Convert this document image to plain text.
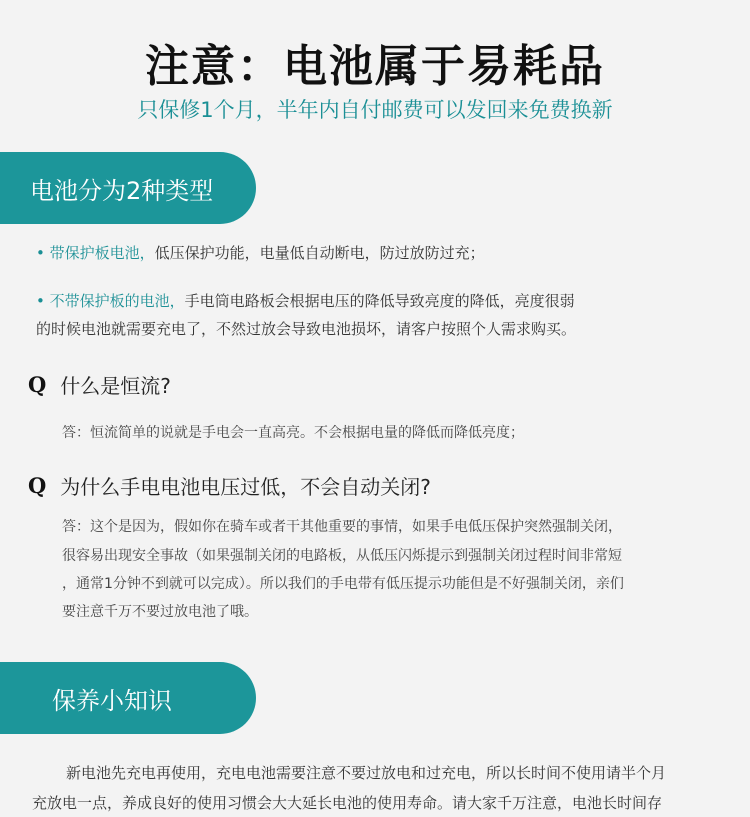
注意：电池属于易耗品
只保修1个月，半年内自付邮费可以发回来免费换新
电池分为2种类型
• 带保护板电池，低压保护功能，电量低自动断电，防过放防过充；
• 不带保护板的电池，手电筒电路板会根据电压的降低导致亮度的降低，亮度很弱
的时候电池就需要充电了，不然过放会导致电池损坏，请客户按照个人需求购买。
Q 什么是恒流?
答：恒流简单的说就是手电会一直高亮。不会根据电量的降低而降低亮度；
Q 为什么手电电池电压过低，不会自动关闭?
答：这个是因为，假如你在骑车或者干其他重要的事情，如果手电低压保护突然强制关闭，
很容易出现安全事故（如果强制关闭的电路板，从低压闪烁提示到强制关闭过程时间非常短
，通常1分钟不到就可以完成）。所以我们的手电带有低压提示功能但是不好强制关闭，亲们
要注意千万不要过放电池了哦。
保养小知识
新电池先充电再使用，充电电池需要注意不要过放电和过充电，所以长时间不使用请半个月
充放电一点，养成良好的使用习惯会大大延长电池的使用寿命。请大家千万注意，电池长时间存
